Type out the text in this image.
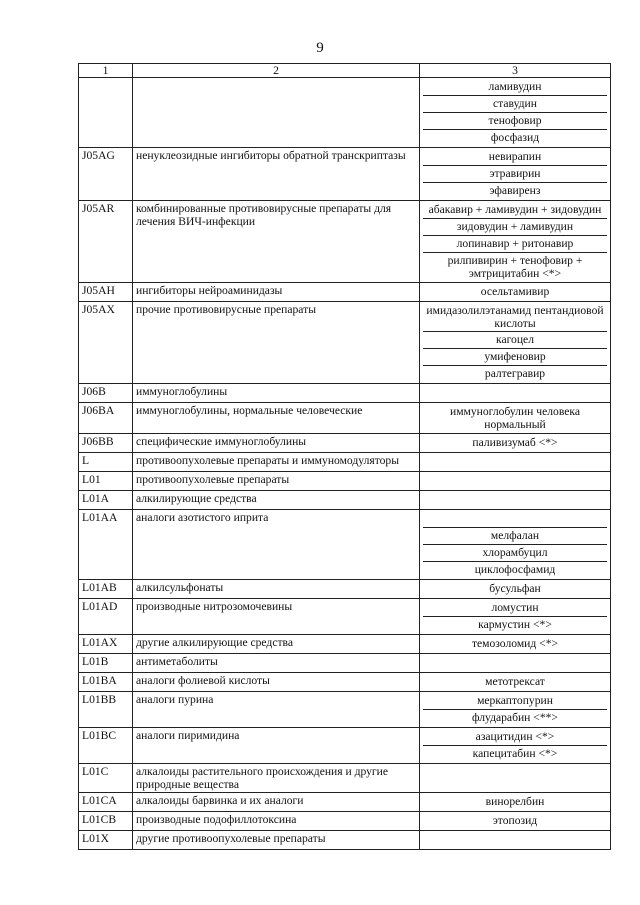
9
1	2	3

		ламивудин
ставудин
тенофовир
фосфазид

J05AG	ненуклеозидные ингибиторы обратной транскриптазы	невирапин
этравирин
эфавиренз

J05AR	комбинированные противовирусные препараты для лечения ВИЧ-инфекции	абакавир + ламивудин + зидовудин
зидовудин + ламивудин
лопинавир + ритонавир
рилпивирин + тенофовир + эмтрицитабин <*>

J05AH	ингибиторы нейроаминидазы	осельтамивир

J05AX	прочие противовирусные препараты	имидазолилэтанамид пентандиовой кислоты
кагоцел
умифеновир
ралтегравир

J06B	иммуноглобулины	

J06BA	иммуноглобулины, нормальные человеческие	иммуноглобулин человека нормальный

J06BB	специфические иммуноглобулины	паливизумаб <*>

L	противоопухолевые препараты и иммуномодуляторы	

L01	противоопухолевые препараты	

L01A	алкилирующие средства	

L01AA	аналоги азотистого иприта	мелфалан
хлорамбуцил
циклофосфамид

L01AB	алкилсульфонаты	бусульфан

L01AD	производные нитрозомочевины	ломустин
кармустин <*>

L01AX	другие алкилирующие средства	темозоломид <*>

L01B	антиметаболиты	

L01BA	аналоги фолиевой кислоты	метотрексат

L01BB	аналоги пурина	меркаптопурин
флударабин <**>

L01BC	аналоги пиримидина	азацитидин <*>
капецитабин <*>

L01C	алкалоиды растительного происхождения и другие природные вещества	

L01CA	алкалоиды барвинка и их аналоги	винорелбин

L01CB	производные подофиллотоксина	этопозид

L01X	другие противоопухолевые препараты	
